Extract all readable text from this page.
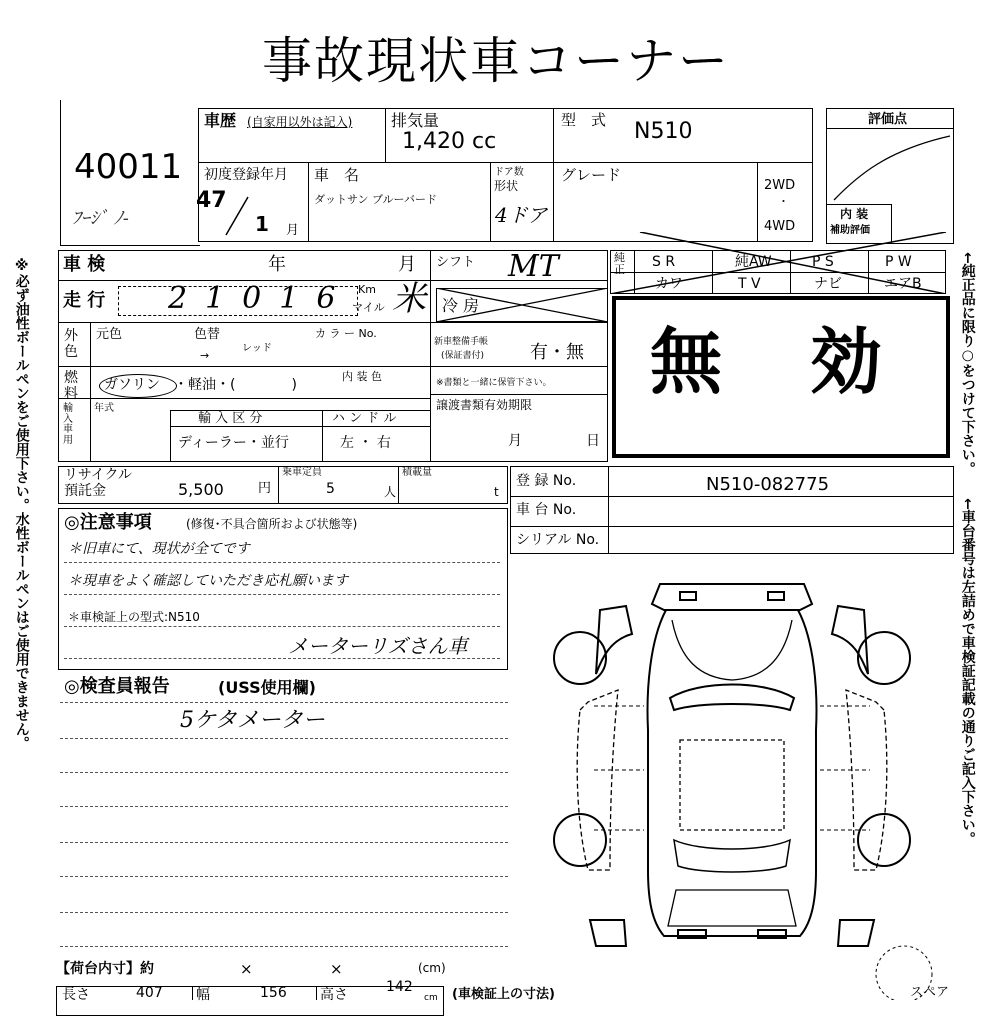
事故現状車コーナー
※必ず油性ボールペンをご使用下さい。水性ボールペンはご使用できません。	←純正品に限り○をつけて下さい。
←車台番号は左詰めで車検証記載の通りご記入下さい。
40011
ﾌｰｼﾞ ﾉ-
車歴 (自家用以外は記入) 排気量
1,420 cc
型　式 N510
初度登録年月
47
1 月
車　名
ダットサン ブルーバード
ドア数
形状
4ドア
グレード
2WD
・
4WD
評価点
内 装
補助評価
車 検	年	月
走 行 21016 Km
マイル 米
外色
元色	色替
→
レッド
カ ラ ー No.
燃料
ガソリン ・軽油・(　　　　)
内 装 色
輸入車用
年式
輸 入 区 分
ディーラー・並行
ハ ン ド ル
左 ・ 右
シフト MT
冷 房
新車整備手帳
(保証書付)	有・無
※書類と一緒に保管下さい。
譲渡書類有効期限
月	日
純正 S R	純AW	P S	P W
カワ	T V	ナビ	エアB
無　効
リサイクル
預託金	5,500	円
乗車定員
5	人
積載量
t
登 録 No.	N510-082775
車 台 No.
シリアル No.
◎注意事項	(修復･不具合箇所および状態等)
＊旧車にて、現状が全てです
＊現車をよく確認していただき応札願います
＊車検証上の型式:N510
メーターリズさん車
◎検査員報告	(USS使用欄)
5ケタメーター
スペア
【荷台内寸】約	×	×	(cm)
長さ	407 幅	156 高さ	142
cm (車検証上の寸法)
